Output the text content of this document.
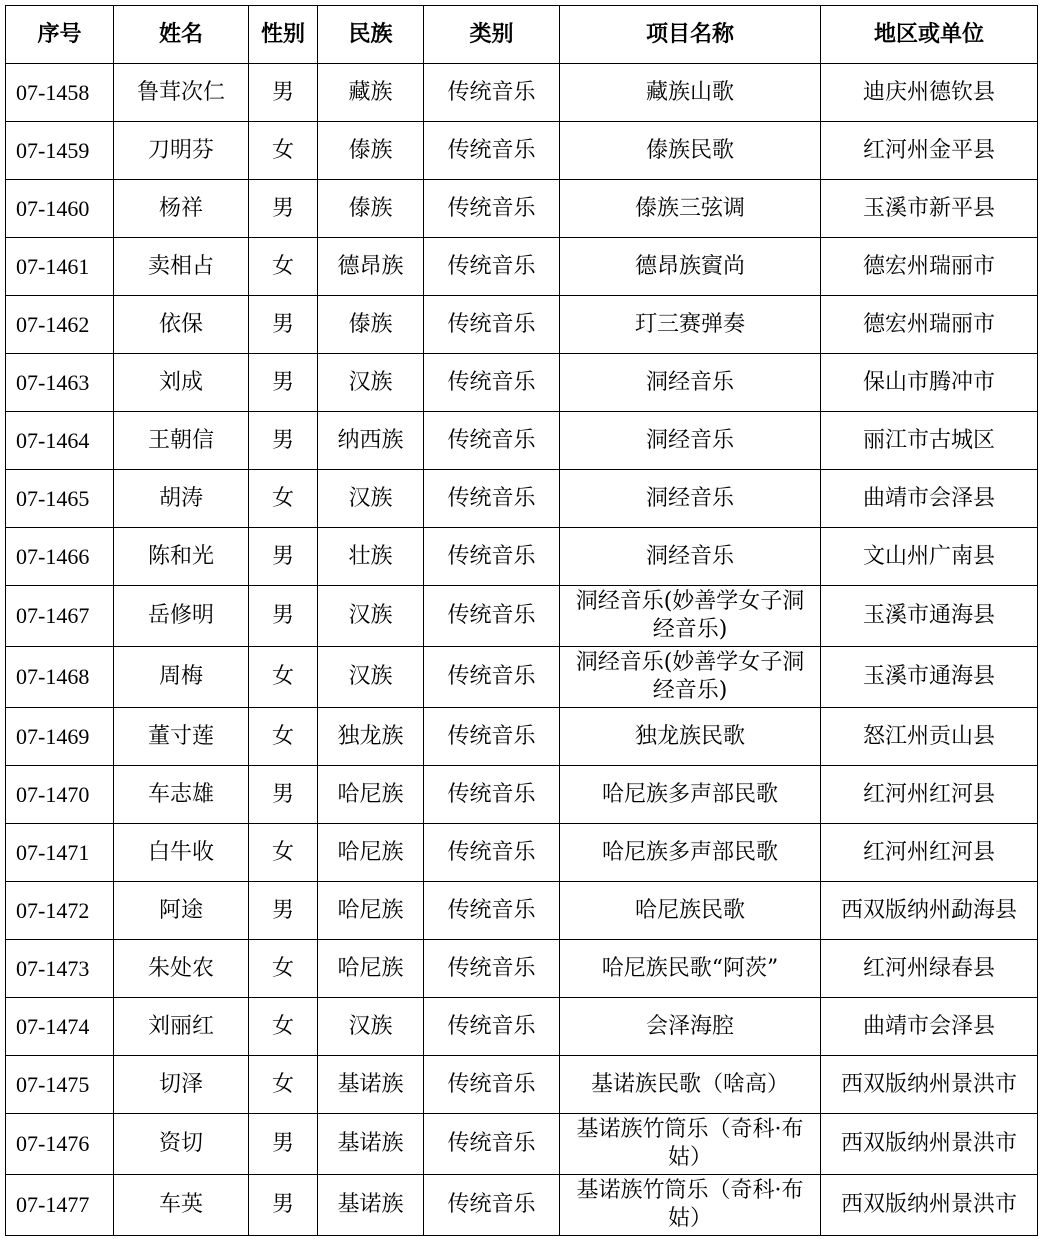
序号	姓名	性别	民族	类别	项目名称	地区或单位
07-1458	鲁茸次仁	男	藏族	传统音乐	藏族山歌	迪庆州德钦县
07-1459	刀明芬	女	傣族	传统音乐	傣族民歌	红河州金平县
07-1460	杨祥	男	傣族	传统音乐	傣族三弦调	玉溪市新平县
07-1461	卖相占	女	德昂族	传统音乐	德昂族賨尚	德宏州瑞丽市
07-1462	依保	男	傣族	传统音乐	玎三赛弹奏	德宏州瑞丽市
07-1463	刘成	男	汉族	传统音乐	洞经音乐	保山市腾冲市
07-1464	王朝信	男	纳西族	传统音乐	洞经音乐	丽江市古城区
07-1465	胡涛	女	汉族	传统音乐	洞经音乐	曲靖市会泽县
07-1466	陈和光	男	壮族	传统音乐	洞经音乐	文山州广南县
07-1467	岳修明	男	汉族	传统音乐	洞经音乐(妙善学女子洞经音乐)	玉溪市通海县
07-1468	周梅	女	汉族	传统音乐	洞经音乐(妙善学女子洞经音乐)	玉溪市通海县
07-1469	董寸莲	女	独龙族	传统音乐	独龙族民歌	怒江州贡山县
07-1470	车志雄	男	哈尼族	传统音乐	哈尼族多声部民歌	红河州红河县
07-1471	白牛收	女	哈尼族	传统音乐	哈尼族多声部民歌	红河州红河县
07-1472	阿途	男	哈尼族	传统音乐	哈尼族民歌	西双版纳州勐海县
07-1473	朱处农	女	哈尼族	传统音乐	哈尼族民歌“阿茨”	红河州绿春县
07-1474	刘丽红	女	汉族	传统音乐	会泽海腔	曲靖市会泽县
07-1475	切泽	女	基诺族	传统音乐	基诺族民歌（啥高）	西双版纳州景洪市
07-1476	资切	男	基诺族	传统音乐	基诺族竹筒乐（奇科·布姑）	西双版纳州景洪市
07-1477	车英	男	基诺族	传统音乐	基诺族竹筒乐（奇科·布姑）	西双版纳州景洪市
